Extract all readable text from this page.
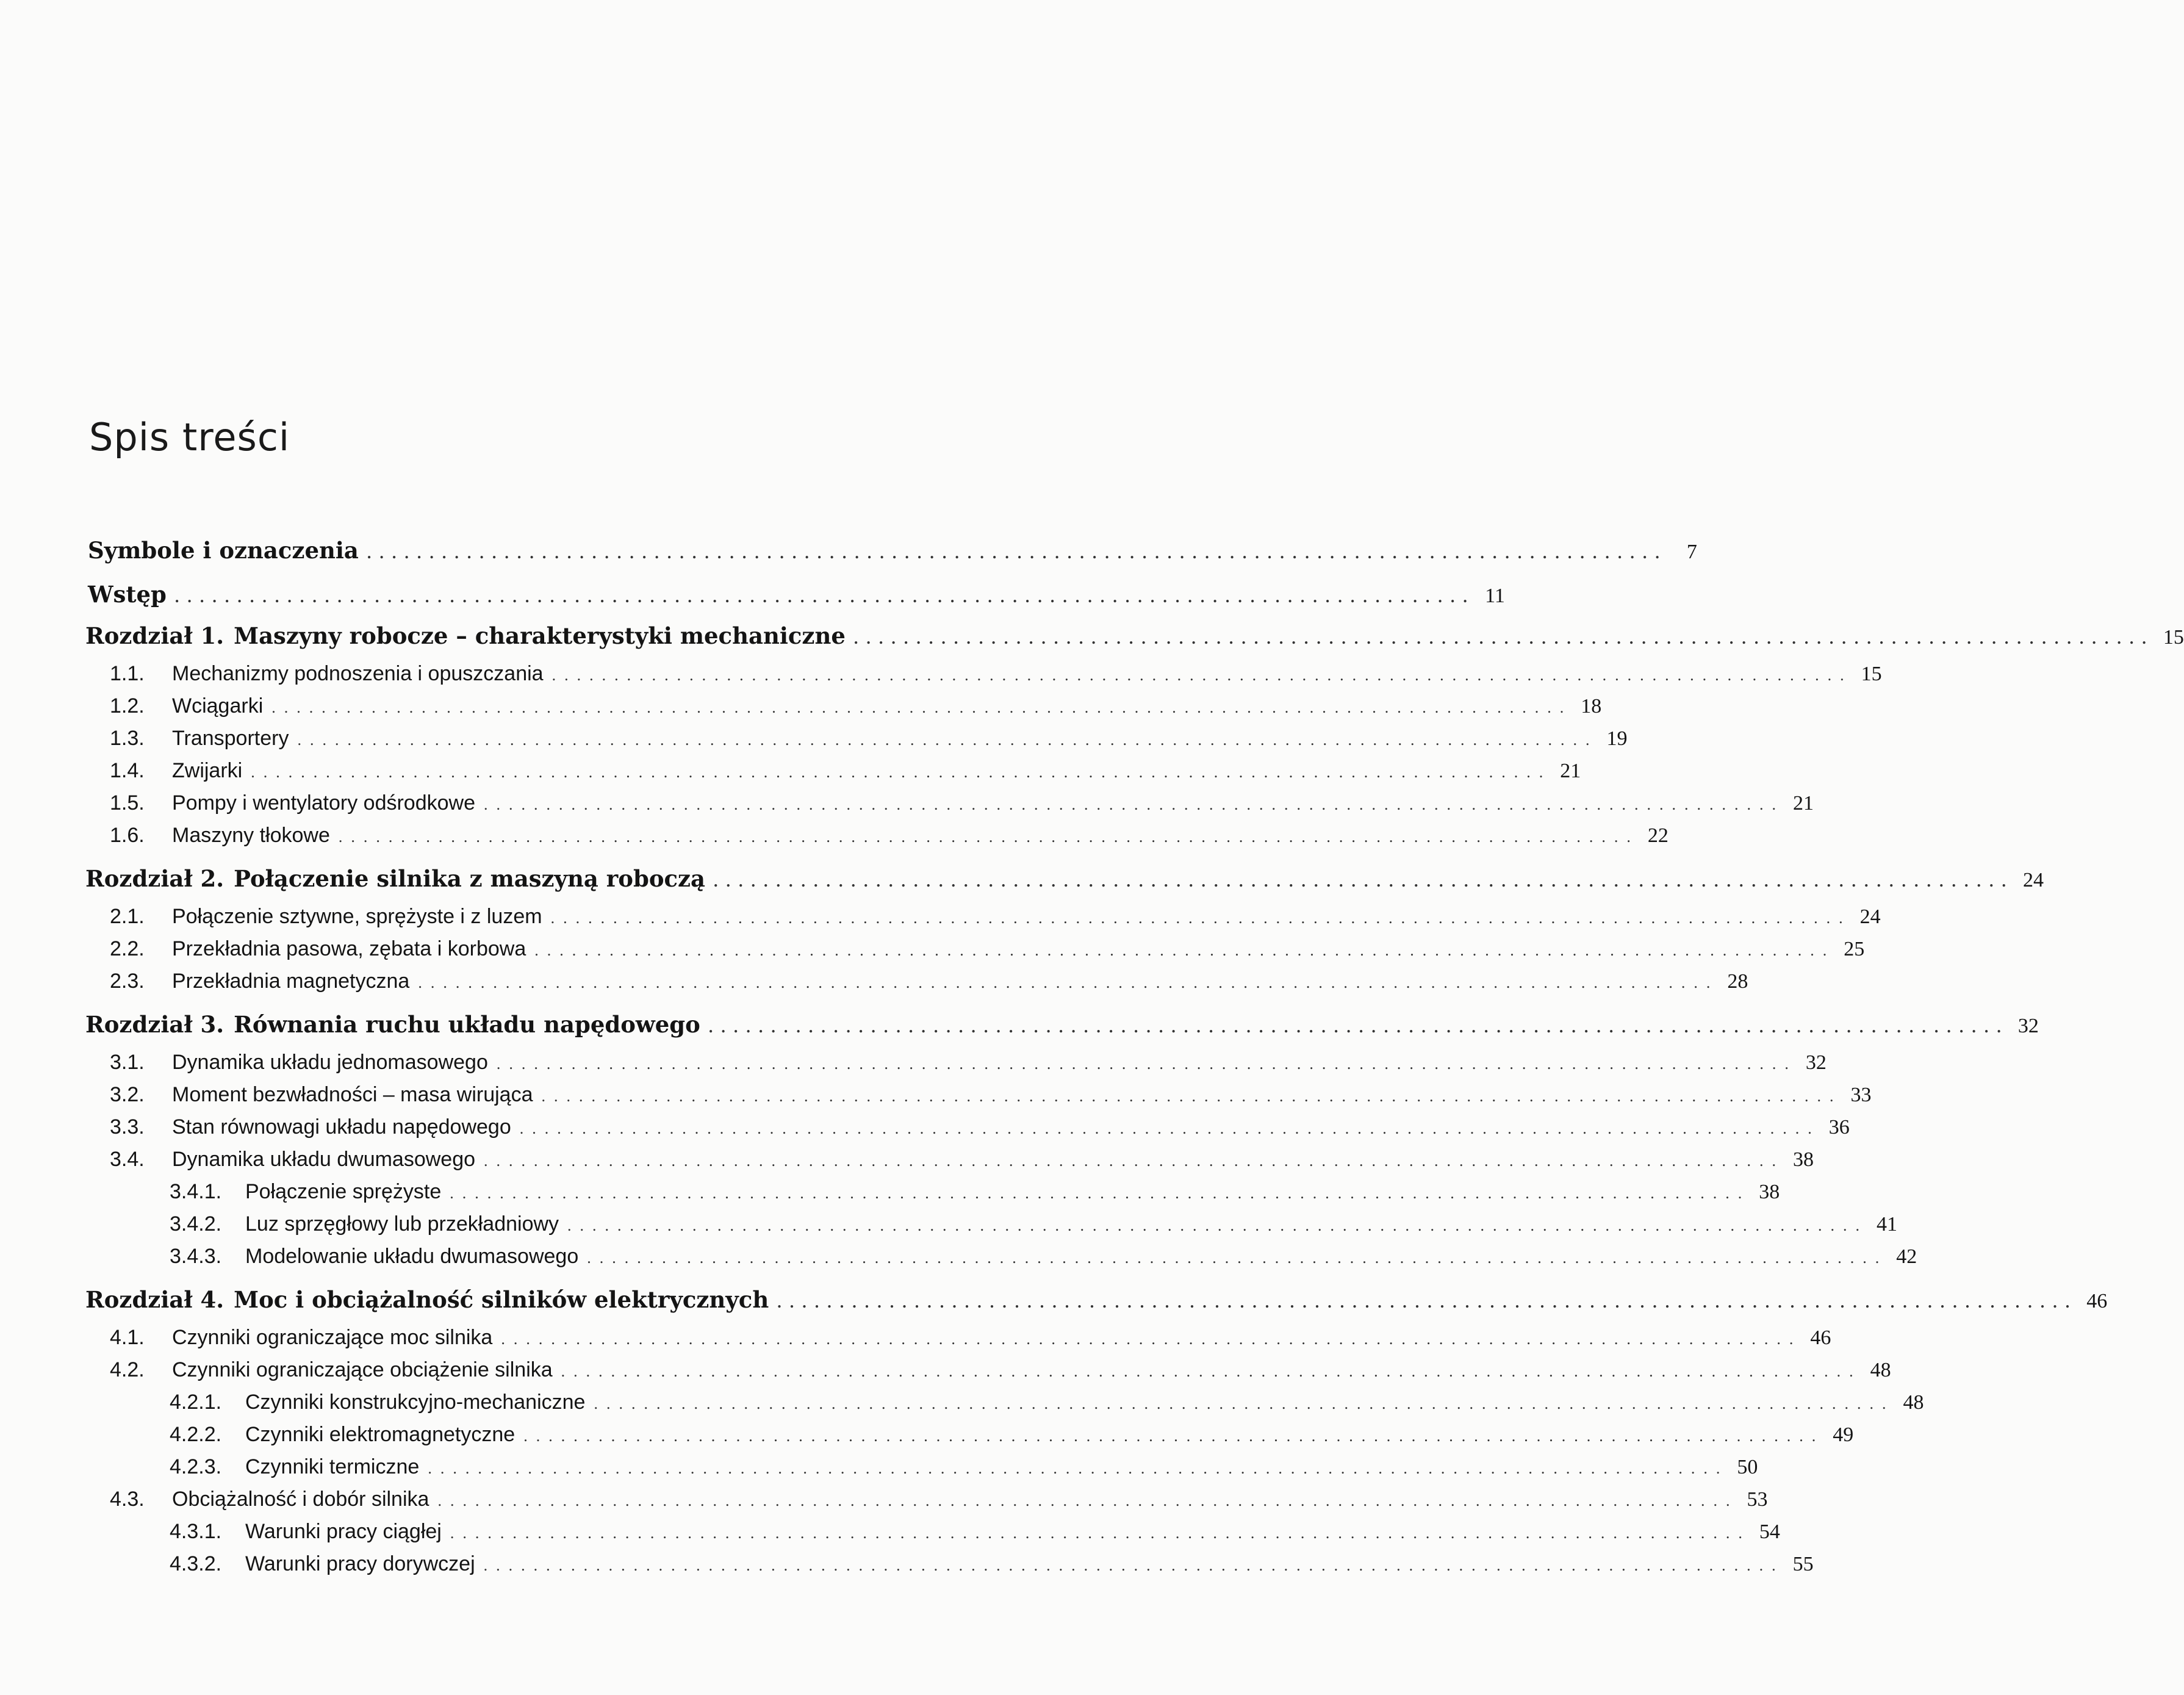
Spis treści
Symbole i oznaczenia ........................................................................................................ 7
Wstęp ........................................................................................................ 11
Rozdział 1. Maszyny robocze – charakterystyki mechaniczne ........................................................................................................ 15
1.1.	Mechanizmy podnoszenia i opuszczania ........................................................................................................ 15
1.2.	Wciągarki ........................................................................................................ 18
1.3.	Transportery ........................................................................................................ 19
1.4.	Zwijarki ........................................................................................................ 21
1.5.	Pompy i wentylatory odśrodkowe ........................................................................................................ 21
1.6.	Maszyny tłokowe ........................................................................................................ 22
Rozdział 2. Połączenie silnika z maszyną roboczą ........................................................................................................ 24
2.1.	Połączenie sztywne, sprężyste i z luzem ........................................................................................................ 24
2.2.	Przekładnia pasowa, zębata i korbowa ........................................................................................................ 25
2.3.	Przekładnia magnetyczna ........................................................................................................ 28
Rozdział 3. Równania ruchu układu napędowego ........................................................................................................ 32
3.1.	Dynamika układu jednomasowego ........................................................................................................ 32
3.2.	Moment bezwładności – masa wirująca ........................................................................................................ 33
3.3.	Stan równowagi układu napędowego ........................................................................................................ 36
3.4.	Dynamika układu dwumasowego ........................................................................................................ 38
3.4.1.	Połączenie sprężyste ........................................................................................................ 38
3.4.2.	Luz sprzęgłowy lub przekładniowy ........................................................................................................ 41
3.4.3.	Modelowanie układu dwumasowego ........................................................................................................ 42
Rozdział 4. Moc i obciążalność silników elektrycznych ........................................................................................................ 46
4.1.	Czynniki ograniczające moc silnika ........................................................................................................ 46
4.2.	Czynniki ograniczające obciążenie silnika ........................................................................................................ 48
4.2.1.	Czynniki konstrukcyjno-mechaniczne ........................................................................................................ 48
4.2.2.	Czynniki elektromagnetyczne ........................................................................................................ 49
4.2.3.	Czynniki termiczne ........................................................................................................ 50
4.3.	Obciążalność i dobór silnika ........................................................................................................ 53
4.3.1.	Warunki pracy ciągłej ........................................................................................................ 54
4.3.2.	Warunki pracy dorywczej ........................................................................................................ 55
